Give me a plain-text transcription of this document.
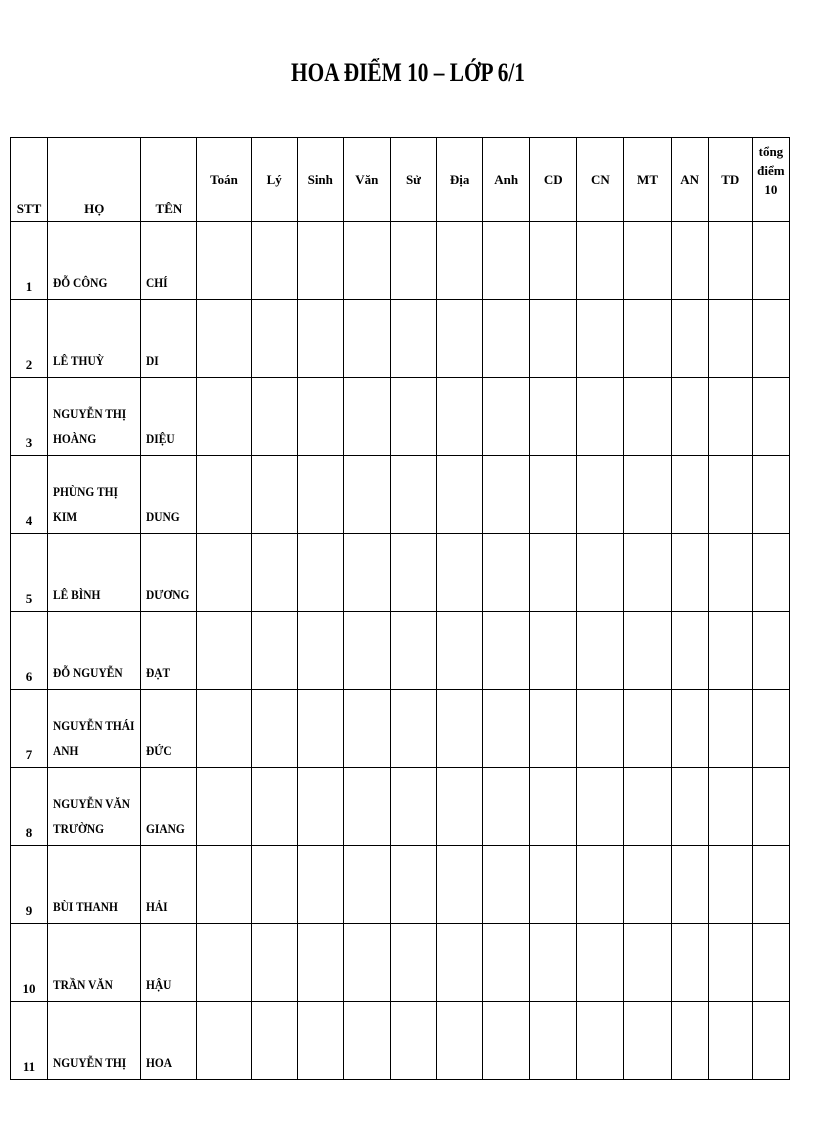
HOA ĐIỂM 10 – LỚP 6/1
STT	HỌ	TÊN	Toán	Lý	Sinh	Văn	Sử	Địa	Anh	CD	CN	MT	AN	TD	tổng
điểm
10

1	ĐỖ CÔNG	CHÍ													

2	LÊ THUỲ	DI													

3	NGUYỄN THỊ
HOÀNG	DIỆU													

4	PHÙNG THỊ
KIM	DUNG													

5	LÊ BÌNH	DƯƠNG													

6	ĐỖ NGUYỄN	ĐẠT													

7	NGUYỄN THÁI
ANH	ĐỨC													

8	NGUYỄN VĂN
TRƯỜNG	GIANG													

9	BÙI THANH	HẢI													

10	TRẦN VĂN	HẬU													

11	NGUYỄN THỊ	HOA													
